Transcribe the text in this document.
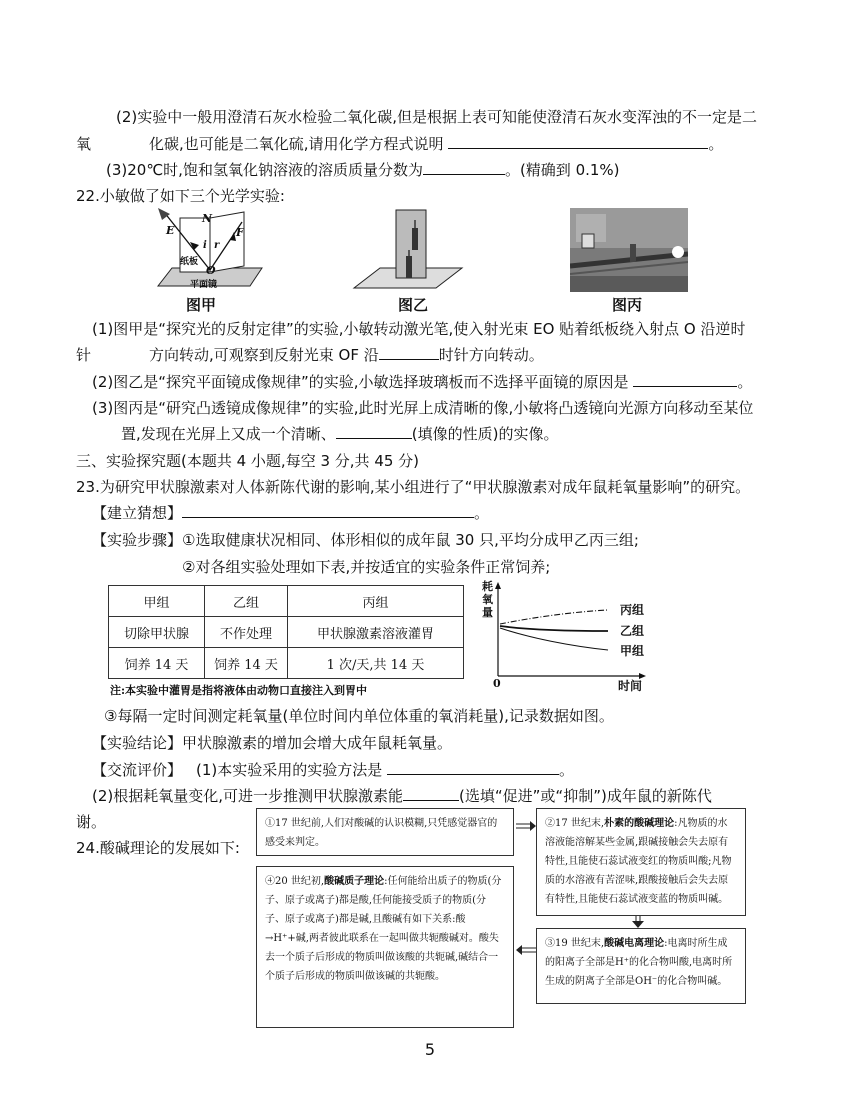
(2)实验中一般用澄清石灰水检验二氧化碳,但是根据上表可知能使澄清石灰水变浑浊的不一定是二
氧	化碳,也可能是二氧化硫,请用化学方程式说明	。
(3)20℃时,饱和氢氧化钠溶液的溶质质量分数为	。(精确到 0.1%)
22.小敏做了如下三个光学实验:
N
E	F
i r
O
纸板
平面镜
图甲	图乙	图丙
(1)图甲是“探究光的反射定律”的实验,小敏转动激光笔,使入射光束 EO 贴着纸板绕入射点 O 沿逆时
针	方向转动,可观察到反射光束 OF 沿	时针方向转动。
(2)图乙是“探究平面镜成像规律”的实验,小敏选择玻璃板而不选择平面镜的原因是	。
(3)图丙是“研究凸透镜成像规律”的实验,此时光屏上成清晰的像,小敏将凸透镜向光源方向移动至某位
置,发现在光屏上又成一个清晰、	(填像的性质)的实像。
三、实验探究题(本题共 4 小题,每空 3 分,共 45 分)
23.为研究甲状腺激素对人体新陈代谢的影响,某小组进行了“甲状腺激素对成年鼠耗氧量影响”的研究。
【建立猜想】	。
【实验步骤】①选取健康状况相同、体形相似的成年鼠 30 只,平均分成甲乙丙三组;
②对各组实验处理如下表,并按适宜的实验条件正常饲养;
甲组	乙组	丙组
切除甲状腺	不作处理	甲状腺激素溶液灌胃
饲养 14 天	饲养 14 天	1 次/天,共 14 天
注:本实验中灌胃是指将液体由动物口直接注入到胃中
耗氧量	丙组
乙组
甲组
0	时间
③每隔一定时间测定耗氧量(单位时间内单位体重的氧消耗量),记录数据如图。
【实验结论】甲状腺激素的增加会增大成年鼠耗氧量。
【交流评价】 (1)本实验采用的实验方法是	。
(2)根据耗氧量变化,可进一步推测甲状腺激素能	(选填“促进”或“抑制”)成年鼠的新陈代
谢。
24.酸碱理论的发展如下:
①17 世纪前,人们对酸碱的认识模糊,只凭感觉器官的感受来判定。
②17 世纪末,朴素的酸碱理论:凡物质的水溶液能溶解某些金属,跟碱接触会失去原有特性,且能使石蕊试液变红的物质叫酸;凡物质的水溶液有苦涩味,跟酸接触后会失去原有特性,且能使石蕊试液变蓝的物质叫碱。
③19 世纪末,酸碱电离理论:电离时所生成的阳离子全部是H⁺的化合物叫酸,电离时所生成的阴离子全部是OH⁻的化合物叫碱。
④20 世纪初,酸碱质子理论:任何能给出质子的物质(分子、原子或离子)都是酸,任何能接受质子的物质(分子、原子或离子)都是碱,且酸碱有如下关系:酸→H⁺+碱,两者彼此联系在一起叫做共轭酸碱对。酸失去一个质子后形成的物质叫做该酸的共轭碱,碱结合一个质子后形成的物质叫做该碱的共轭酸。
5
